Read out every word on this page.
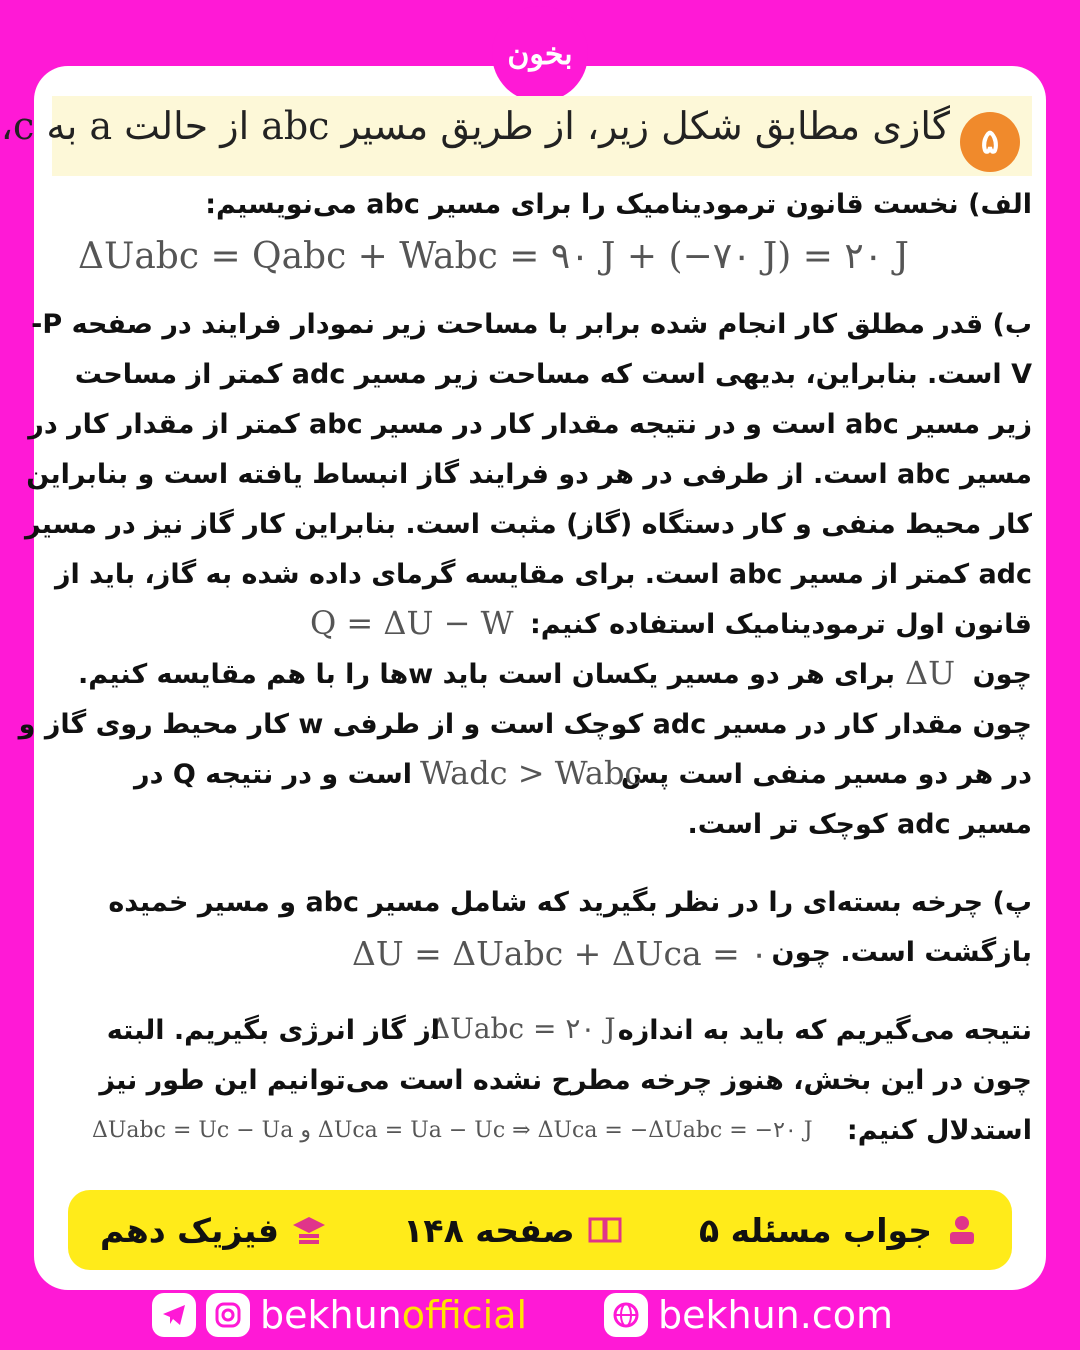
بخون
گازی مطابق شکل زیر، از طریق مسیر abc از حالت a به c، ۵
الف) نخست قانون ترمودینامیک را برای مسیر abc می‌نویسیم:
ΔUabc = Qabc + Wabc = ۹۰ J + (−۷۰ J) = ۲۰ J
ب) قدر مطلق کار انجام شده برابر با مساحت زیر نمودار فرایند در صفحه P-
V است. بنابراین، بدیهی است که مساحت زیر مسیر adc کمتر از مساحت
زیر مسیر abc است و در نتیجه مقدار کار در مسیر abc کمتر از مقدار کار در
مسیر abc است. از طرفی در هر دو فرایند گاز انبساط یافته است و بنابراین
کار محیط منفی و کار دستگاه (گاز) مثبت است. بنابراین کار گاز نیز در مسیر
adc کمتر از مسیر abc است. برای مقایسه گرمای داده شده به گاز، باید از
قانون اول ترمودینامیک استفاده کنیم:
Q = ΔU − W
چون
ΔU
برای هر دو مسیر یکسان است باید wها را با هم مقایسه کنیم.
چون مقدار کار در مسیر adc کوچک است و از طرفی w کار محیط روی گاز و
در هر دو مسیر منفی است پس
Wadc > Wabc
است و در نتیجه Q در
مسیر adc کوچک تر است.
پ) چرخه بسته‌ای را در نظر بگیرید که شامل مسیر abc و مسیر خمیده
بازگشت است. چون
ΔU = ΔUabc + ΔUca = ۰
نتیجه می‌گیریم که باید به اندازه
ΔUabc = ۲۰ J
از گاز انرژی بگیریم. البته
چون در این بخش، هنوز چرخه مطرح نشده است می‌توانیم این طور نیز
استدلال کنیم:
ΔUabc = Uc − Ua و ΔUca = Ua − Uc ⇒ ΔUca = −ΔUabc = −۲۰ J
جواب مسئله ۵
صفحه ۱۴۸
فیزیک دهم
bekhunofficial	bekhun.com
